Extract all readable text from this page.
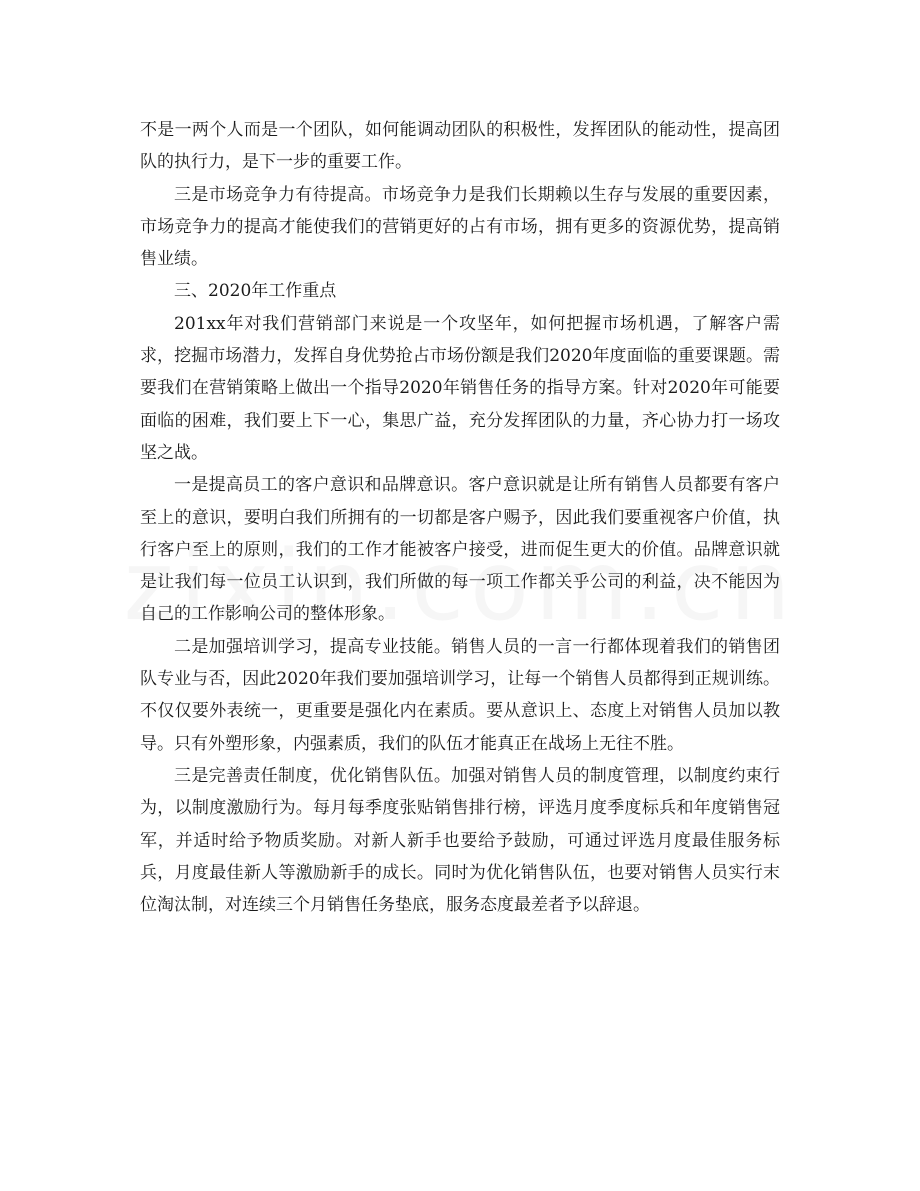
不是一两个人而是一个团队，如何能调动团队的积极性，发挥团队的能动性，提高团队的执行力，是下一步的重要工作。

三是市场竞争力有待提高。市场竞争力是我们长期赖以生存与发展的重要因素，市场竞争力的提高才能使我们的营销更好的占有市场，拥有更多的资源优势，提高销售业绩。

三、2020年工作重点

201xx年对我们营销部门来说是一个攻坚年，如何把握市场机遇，了解客户需求，挖掘市场潜力，发挥自身优势抢占市场份额是我们2020年度面临的重要课题。需要我们在营销策略上做出一个指导2020年销售任务的指导方案。针对2020年可能要面临的困难，我们要上下一心，集思广益，充分发挥团队的力量，齐心协力打一场攻坚之战。

一是提高员工的客户意识和品牌意识。客户意识就是让所有销售人员都要有客户至上的意识，要明白我们所拥有的一切都是客户赐予，因此我们要重视客户价值，执行客户至上的原则，我们的工作才能被客户接受，进而促生更大的价值。品牌意识就是让我们每一位员工认识到，我们所做的每一项工作都关乎公司的利益，决不能因为自己的工作影响公司的整体形象。

二是加强培训学习，提高专业技能。销售人员的一言一行都体现着我们的销售团队专业与否，因此2020年我们要加强培训学习，让每一个销售人员都得到正规训练。不仅仅要外表统一，更重要是强化内在素质。要从意识上、态度上对销售人员加以教导。只有外塑形象，内强素质，我们的队伍才能真正在战场上无往不胜。

三是完善责任制度，优化销售队伍。加强对销售人员的制度管理，以制度约束行为，以制度激励行为。每月每季度张贴销售排行榜，评选月度季度标兵和年度销售冠军，并适时给予物质奖励。对新人新手也要给予鼓励，可通过评选月度最佳服务标兵，月度最佳新人等激励新手的成长。同时为优化销售队伍，也要对销售人员实行末位淘汰制，对连续三个月销售任务垫底，服务态度最差者予以辞退。
